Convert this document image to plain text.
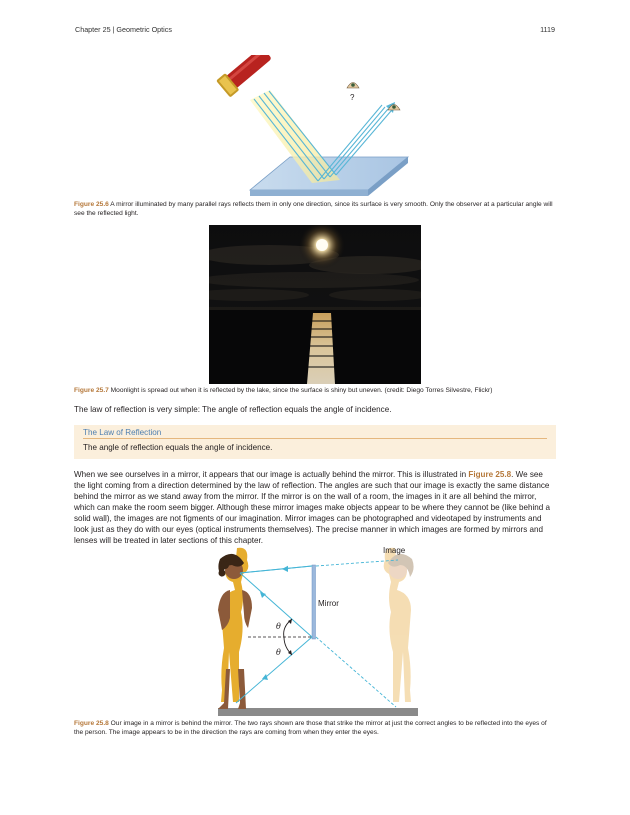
Chapter 25 | Geometric Optics	1119
?
Figure 25.6 A mirror illuminated by many parallel rays reflects them in only one direction, since its surface is very smooth. Only the observer at a particular angle will see the reflected light.
Figure 25.7 Moonlight is spread out when it is reflected by the lake, since the surface is shiny but uneven. (credit: Diego Torres Silvestre, Flickr)
The law of reflection is very simple: The angle of reflection equals the angle of incidence.
The Law of Reflection
The angle of reflection equals the angle of incidence.
When we see ourselves in a mirror, it appears that our image is actually behind the mirror. This is illustrated in Figure 25.8. We see the light coming from a direction determined by the law of reflection. The angles are such that our image is exactly the same distance behind the mirror as we stand away from the mirror. If the mirror is on the wall of a room, the images in it are all behind the mirror, which can make the room seem bigger. Although these mirror images make objects appear to be where they cannot be (like behind a solid wall), the images are not figments of our imagination. Mirror images can be photographed and videotaped by instruments and look just as they do with our eyes (optical instruments themselves). The precise manner in which images are formed by mirrors and lenses will be treated in later sections of this chapter.
Mirror
Image
θ
θ
Figure 25.8 Our image in a mirror is behind the mirror. The two rays shown are those that strike the mirror at just the correct angles to be reflected into the eyes of the person. The image appears to be in the direction the rays are coming from when they enter the eyes.
